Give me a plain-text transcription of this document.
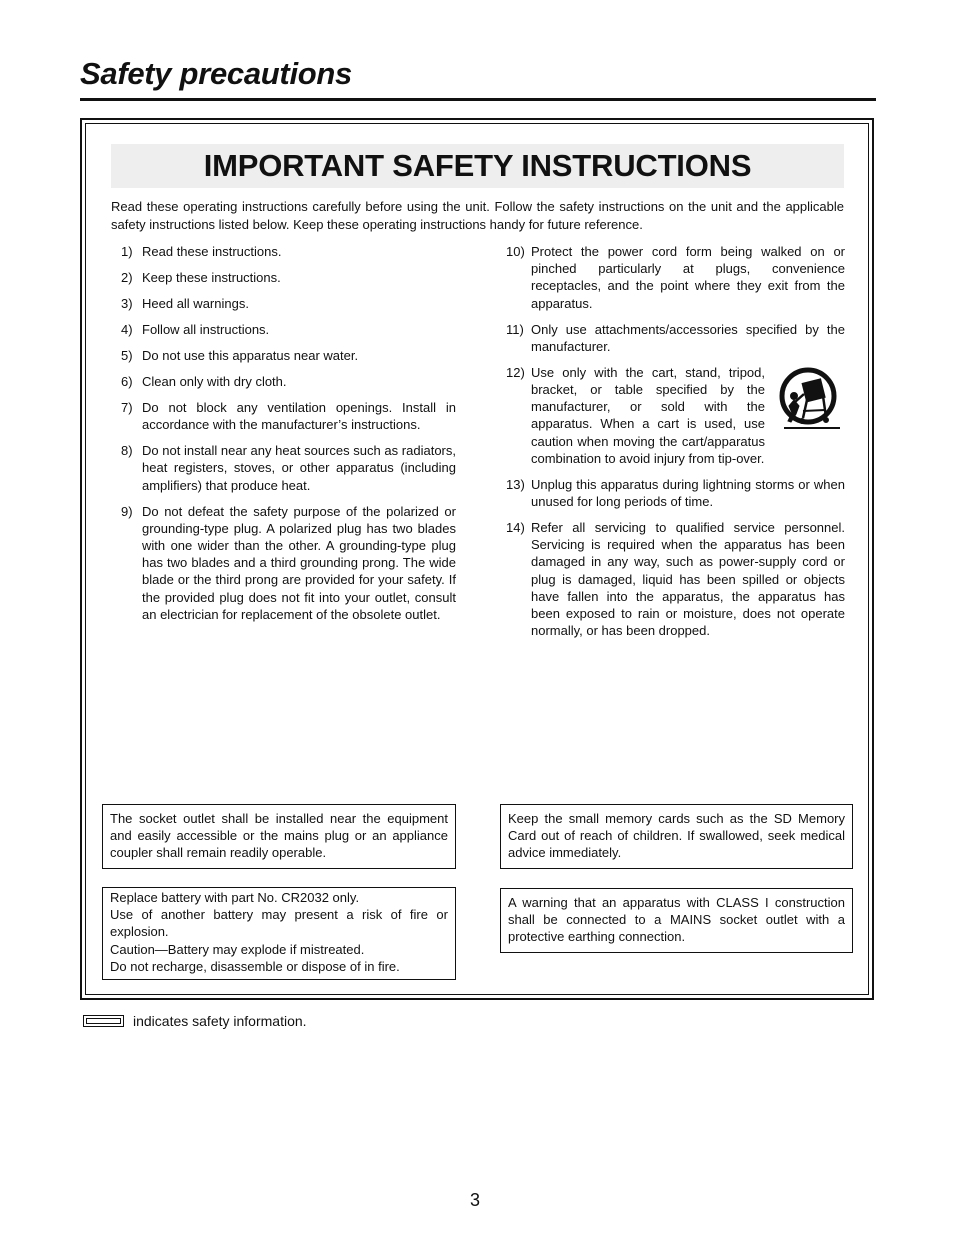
Safety precautions
IMPORTANT SAFETY INSTRUCTIONS

Read these operating instructions carefully before using the unit. Follow the safety instructions on the unit and the applicable safety instructions listed below. Keep these operating instructions handy for future reference.

1) Read these instructions.
2) Keep these instructions.
3) Heed all warnings.
4) Follow all instructions.
5) Do not use this apparatus near water.
6) Clean only with dry cloth.
7) Do not block any ventilation openings. Install in accordance with the manufacturer’s instructions.
8) Do not install near any heat sources such as radiators, heat registers, stoves, or other apparatus (including amplifiers) that produce heat.
9) Do not defeat the safety purpose of the polarized or grounding-type plug. A polarized plug has two blades with one wider than the other. A grounding-type plug has two blades and a third grounding prong. The wide blade or the third prong are provided for your safety. If the provided plug does not fit into your outlet, consult an electrician for replacement of the obsolete outlet.
10) Protect the power cord form being walked on or pinched particularly at plugs, convenience receptacles, and the point where they exit from the apparatus.
11) Only use attachments/accessories specified by the manufacturer.
12) Use only with the cart, stand, tripod, bracket, or table specified by the manufacturer, or sold with the apparatus. When a cart is used, use caution when moving the cart/apparatus combination to avoid injury from tip-over.
13) Unplug this apparatus during lightning storms or when unused for long periods of time.
14) Refer all servicing to qualified service personnel. Servicing is required when the apparatus has been damaged in any way, such as power-supply cord or plug is damaged, liquid has been spilled or objects have fallen into the apparatus, the apparatus has been exposed to rain or moisture, does not operate normally, or has been dropped.

The socket outlet shall be installed near the equipment and easily accessible or the mains plug or an appliance coupler shall remain readily operable.

Keep the small memory cards such as the SD Memory Card out of reach of children. If swallowed, seek medical advice immediately.

Replace battery with part No. CR2032 only.

Use of another battery may present a risk of fire or explosion.

Caution—Battery may explode if mistreated.

Do not recharge, disassemble or dispose of in fire.

A warning that an apparatus with CLASS I construction shall be connected to a MAINS socket outlet with a protective earthing connection.

indicates safety information.
3
